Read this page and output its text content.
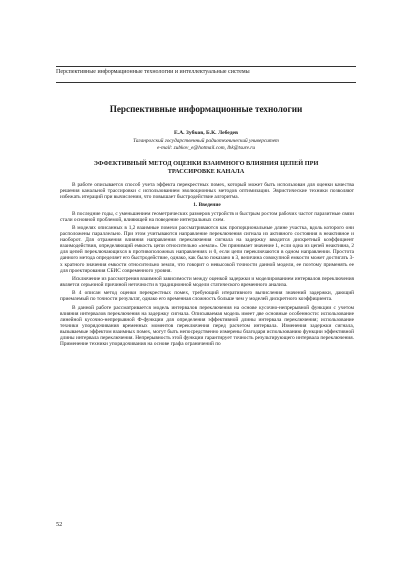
Перспективные информационные технологии и интеллектуальные системы
Перспективные информационные технологии
Е.А. Зубков, Б.К. Лебедев
Таганрогский государственный радиотехнический университет
e-mail: zubkov_e@hotmail.com, lbk@tsure.ru
ЭФФЕКТИВНЫЙ МЕТОД ОЦЕНКИ ВЗАИМНОГО ВЛИЯНИЯ ЦЕПЕЙ ПРИ
ТРАССИРОВКЕ КАНАЛА

В работе описывается способ учета эффекта перекрестных помех, который может быть использован для оценки качества решения канальной трассировки с использованием эволюционных методов оптимизации. Эвристические техники позволяют избежать итераций при вычислении, что повышает быстродействие алгоритма.

1. Введение

В последние годы, с уменьшением геометрических размеров устройств и быстрым ростом рабочих частот паразитные связи стали основной проблемой, влияющей на поведение интегральных схем.

В моделях описанных в 1,2 взаимные помехи рассматриваются как пропорциональные длине участка, вдоль которого они расположены параллельно. При этом учитываются направление переключения сигнала из активного состояния в неактивное и наоборот. Для отражения влияния направления переключения сигнала на задержку вводится дискретный коэффициент взаимодействия, определяющий емкость цепи относительно «земли». Он принимает значение 1, если одна из цепей неактивна, 2 для цепей переключающихся в противоположных направлениях и 0, если цепи переключаются в одном направлении. Простота данного метода определяет его быстродействие, однако, как было показано в 3, величина совокупной емкости может достигать 3-х кратного значения емкости относительно земли, что говорит о невысокой точности данной модели, ее поэтому применять ее для проектирования СБИС современного уровня.

Исключение из рассмотрения взаимной зависимости между оценкой задержки и моделированием интервалов переключения является серьезной причиной неточности в традиционной модели статического временного анализа.

В 4 описан метод оценки перекрестных помех, требующий итеративного вычисления значений задержки, дающий приемлемый по точности результат, однако его временная сложность больше чем у моделей дискретного коэффициента.

В данной работе рассматривается модель интервалов переключения на основе кусочно-непрерывной функции с учетом влияния интервалов переключения на задержку сигнала. Описываемая модель имеет две основные особенности: использование линейной кусочно-непрерывной Ф-функции для определения эффективной длины интервала переключения; использование техники упорядочивания временных моментов переключения перед расчетом интервала. Изменения задержки сигнала, вызываемые эффектом взаимных помех, могут быть непосредственно измерены благодаря использованию функции эффективной длины интервала переключения. Непрерывность этой функции гарантирует точность результирующего интервала переключения. Применение техники упорядочивания на основе графа ограничений по

52
